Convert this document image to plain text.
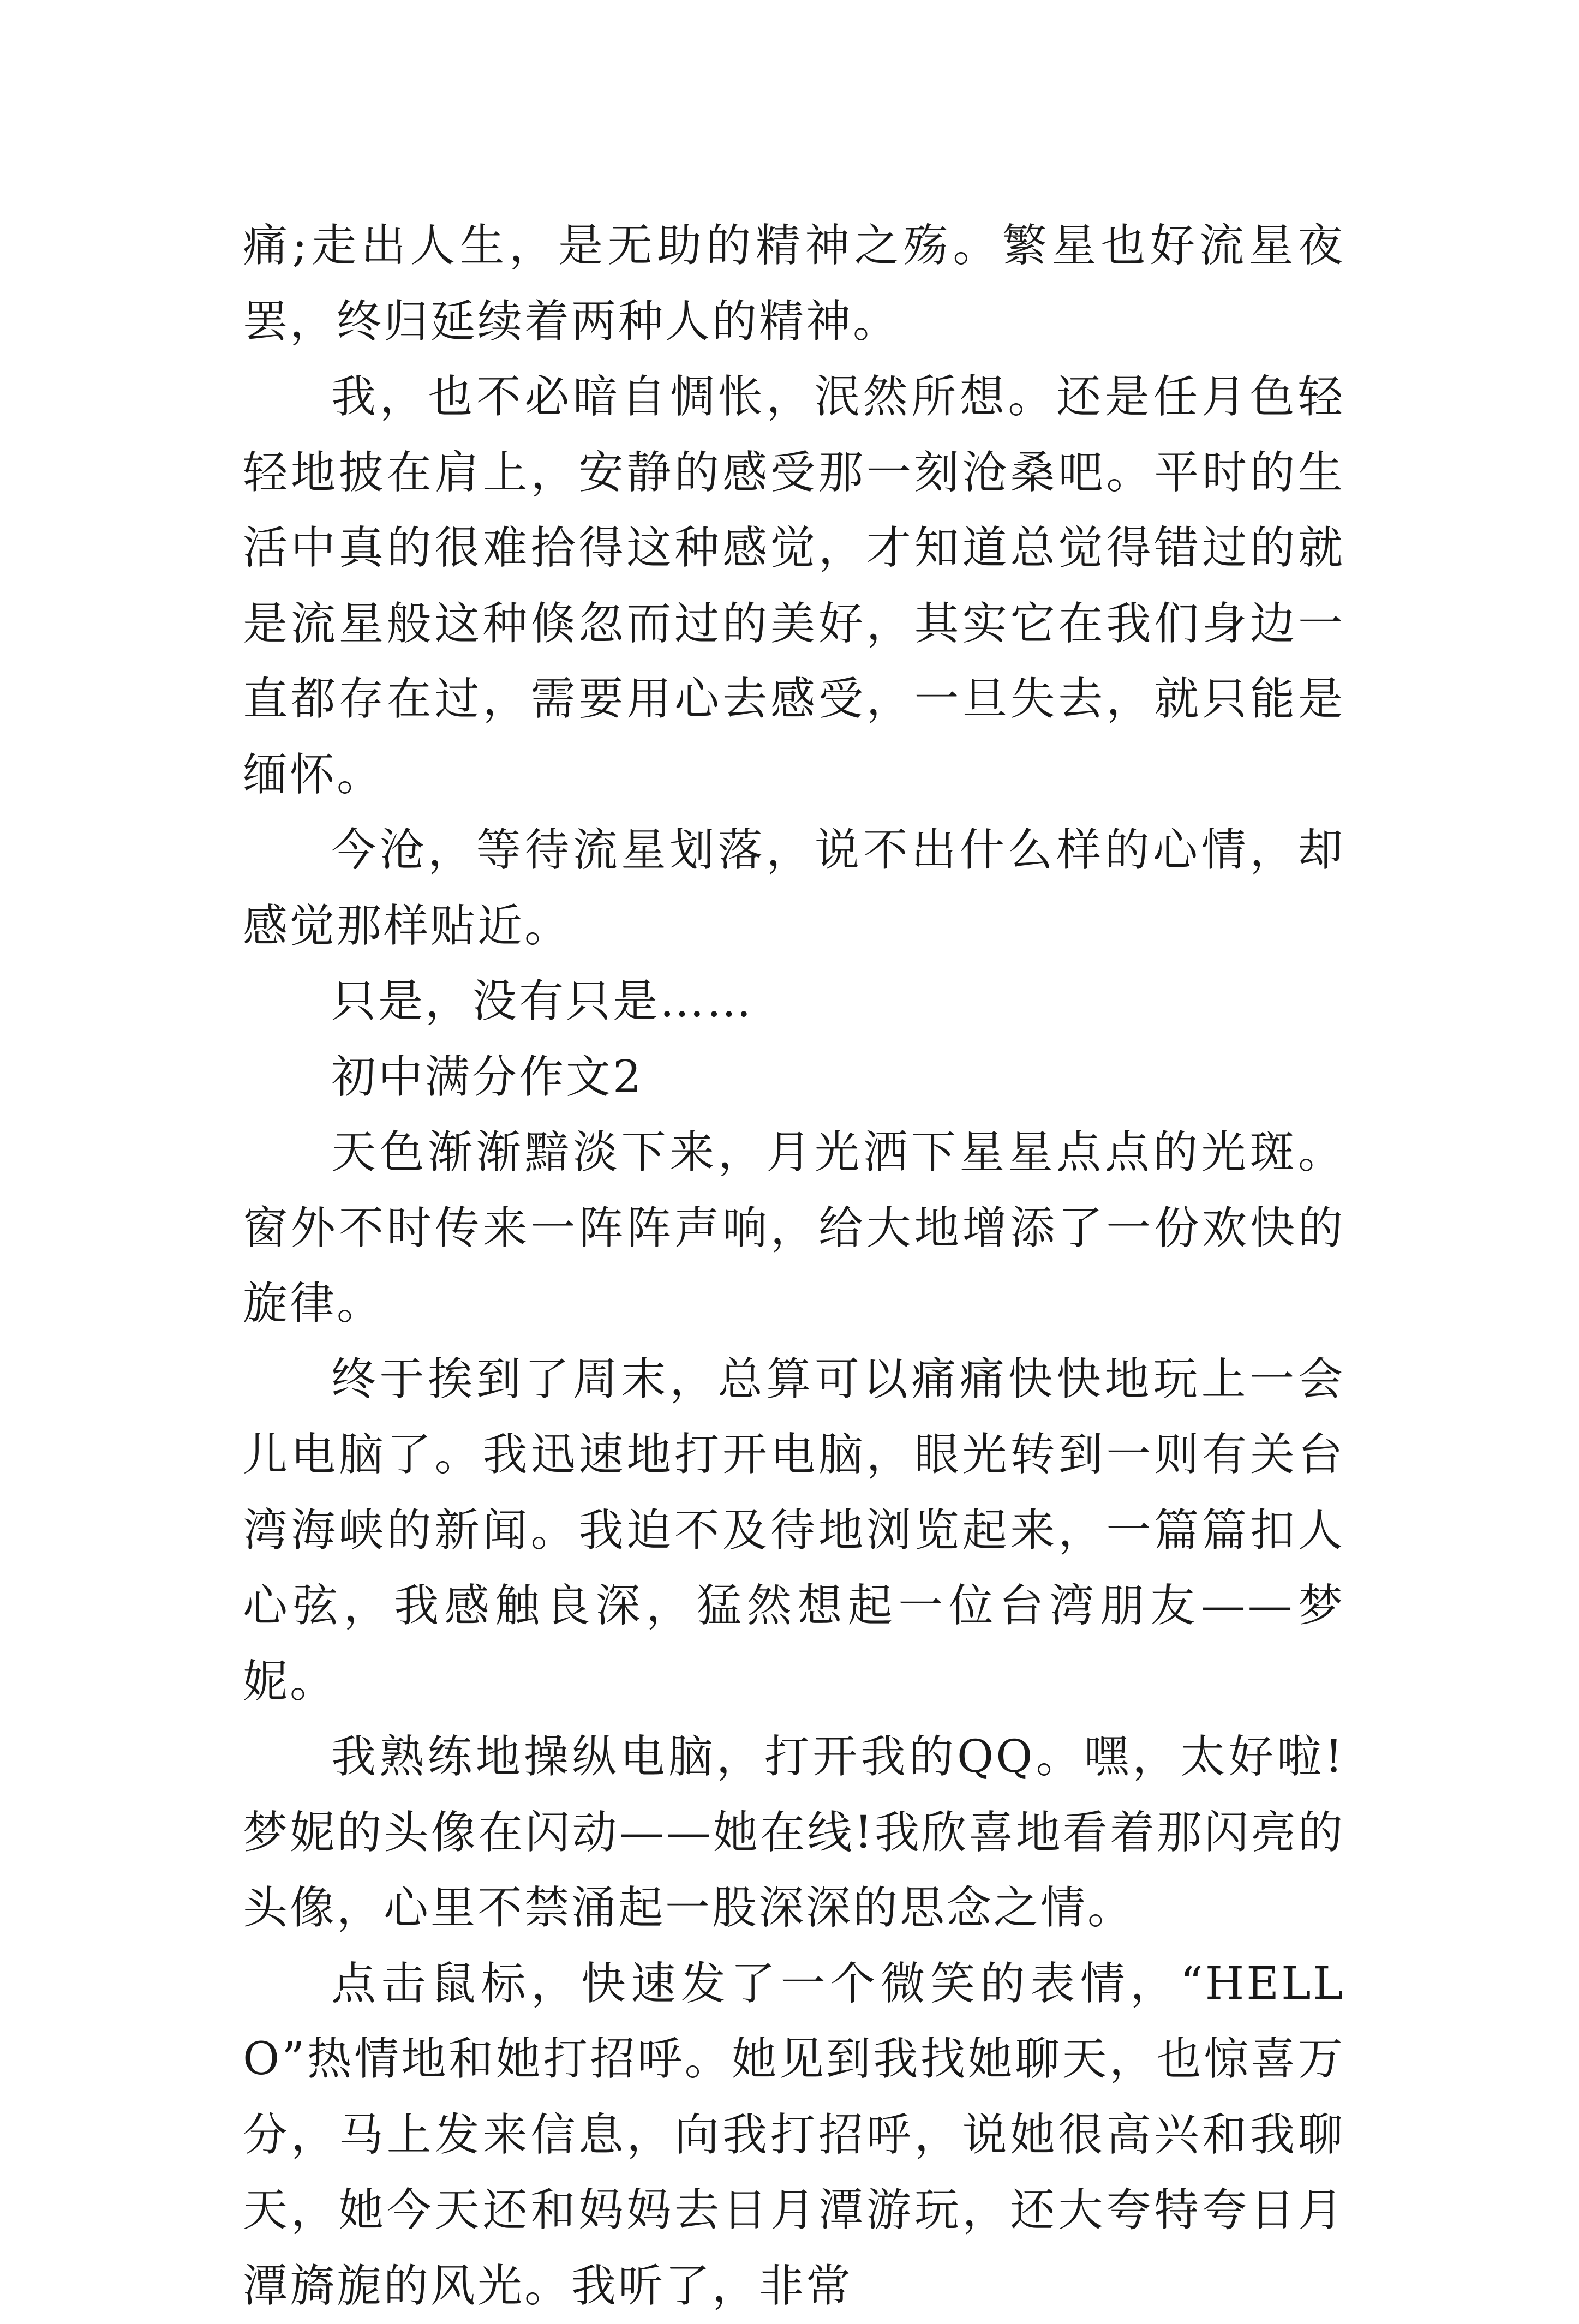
痛;走出人生，是无助的精神之殇。繁星也好流星夜罢，终归延续着两种人的精神。

我，也不必暗自惆怅，泯然所想。还是任月色轻轻地披在肩上，安静的感受那一刻沧桑吧。平时的生活中真的很难拾得这种感觉，才知道总觉得错过的就是流星般这种倏忽而过的美好，其实它在我们身边一直都存在过，需要用心去感受，一旦失去，就只能是缅怀。

今沧，等待流星划落，说不出什么样的心情，却感觉那样贴近。

只是，没有只是……

初中满分作文2

天色渐渐黯淡下来，月光洒下星星点点的光斑。窗外不时传来一阵阵声响，给大地增添了一份欢快的旋律。

终于挨到了周末，总算可以痛痛快快地玩上一会儿电脑了。我迅速地打开电脑，眼光转到一则有关台湾海峡的新闻。我迫不及待地浏览起来，一篇篇扣人心弦，我感触良深，猛然想起一位台湾朋友——梦妮。

我熟练地操纵电脑，打开我的QQ。嘿，太好啦!梦妮的头像在闪动——她在线!我欣喜地看着那闪亮的头像，心里不禁涌起一股深深的思念之情。

点击鼠标，快速发了一个微笑的表情，“HELLO”热情地和她打招呼。她见到我找她聊天，也惊喜万分，马上发来信息，向我打招呼，说她很高兴和我聊天，她今天还和妈妈去日月潭游玩，还大夸特夸日月潭旖旎的风光。我听了，非常
